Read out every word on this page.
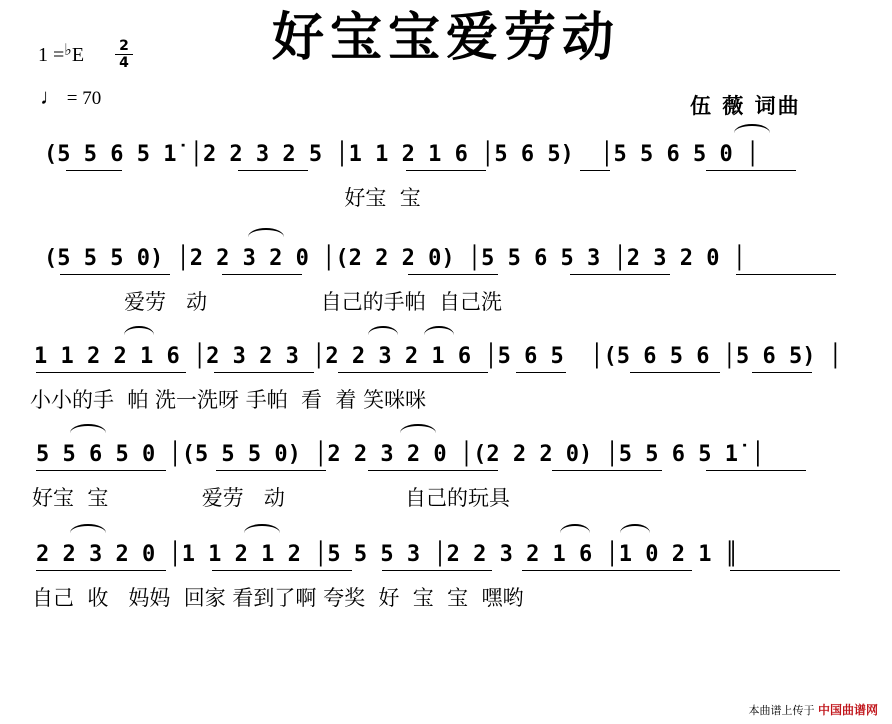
好宝宝爱劳动
1 =♭E	2
4
♩ = 70	伍 薇 词曲
(5 5 6 5 1̇ │2 2 3 2 5 │1 1 2 1 6 │5 6 5)  │5 5 6 5 0 │
好宝  宝
(5 5 5 0) │2 2 3 2 0 │(2 2 2 0) │5 5 6 5 3 │2 3 2 0 │
爱劳   动                 自己的手帕  自己洗
1 1 2 2 1 6 │2 3 2 3 │2 2 3 2 1 6 │5 6 5  │(5 6 5 6 │5 6 5) │
小小的手  帕 洗一洗呀 手帕  看  着 笑咪咪
5 5 6 5 0 │(5 5 5 0) │2 2 3 2 0 │(2 2 2 0) │5 5 6 5 1̇ │
好宝  宝              爱劳   动                  自己的玩具
2 2 3 2 0 │1 1 2 1 2 │5 5 5 3 │2 2 3 2 1 6 │1 0 2 1 ║
自己  收   妈妈  回家 看到了啊 夸奖  好  宝  宝  嘿哟
本曲谱上传于 中国曲谱网
